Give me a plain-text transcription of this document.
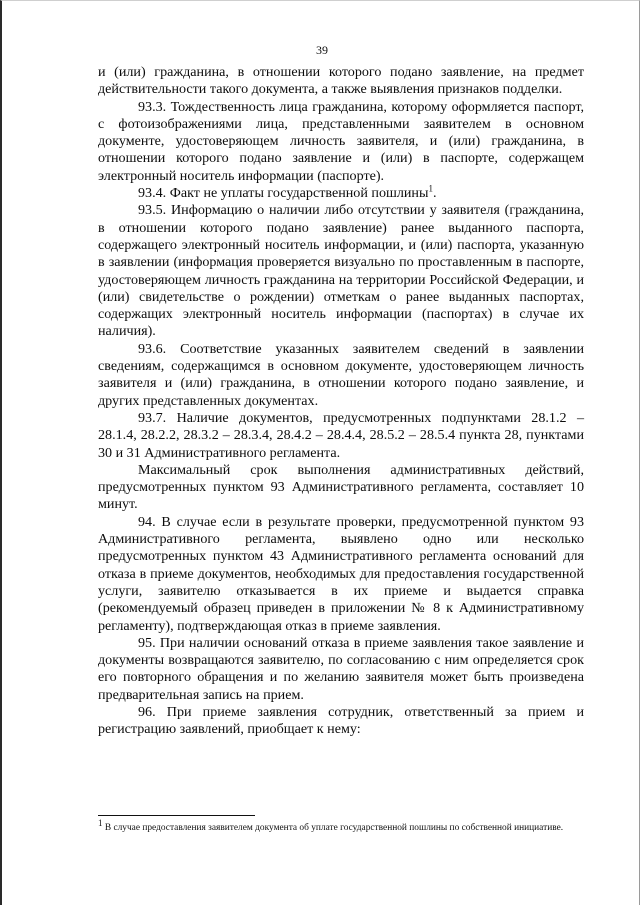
39

и (или) гражданина, в отношении которого подано заявление, на предмет действительности такого документа, а также выявления признаков подделки.

93.3. Тождественность лица гражданина, которому оформляется паспорт, с фотоизображениями лица, представленными заявителем в основном документе, удостоверяющем личность заявителя, и (или) гражданина, в отношении которого подано заявление и (или) в паспорте, содержащем электронный носитель информации (паспорте).

93.4. Факт не уплаты государственной пошлины$^1$.

93.5. Информацию о наличии либо отсутствии у заявителя (гражданина, в отношении которого подано заявление) ранее выданного паспорта, содержащего электронный носитель информации, и (или) паспорта, указанную в заявлении (информация проверяется визуально по проставленным в паспорте, удостоверяющем личность гражданина на территории Российской Федерации, и (или) свидетельстве о рождении) отметкам о ранее выданных паспортах, содержащих электронный носитель информации (паспортах) в случае их наличия).

93.6. Соответствие указанных заявителем сведений в заявлении сведениям, содержащимся в основном документе, удостоверяющем личность заявителя и (или) гражданина, в отношении которого подано заявление, и других представленных документах.

93.7. Наличие документов, предусмотренных подпунктами 28.1.2 – 28.1.4, 28.2.2, 28.3.2 – 28.3.4, 28.4.2 – 28.4.4, 28.5.2 – 28.5.4 пункта 28, пунктами 30 и 31 Административного регламента.

Максимальный срок выполнения административных действий, предусмотренных пунктом 93 Административного регламента, составляет 10 минут.

94. В случае если в результате проверки, предусмотренной пунктом 93 Административного регламента, выявлено одно или несколько предусмотренных пунктом 43 Административного регламента оснований для отказа в приеме документов, необходимых для предоставления государственной услуги, заявителю отказывается в их приеме и выдается справка (рекомендуемый образец приведен в приложении № 8 к Административному регламенту), подтверждающая отказ в приеме заявления.

95. При наличии оснований отказа в приеме заявления такое заявление и документы возвращаются заявителю, по согласованию с ним определяется срок его повторного обращения и по желанию заявителя может быть произведена предварительная запись на прием.

96. При приеме заявления сотрудник, ответственный за прием и регистрацию заявлений, приобщает к нему:

$^1$ В случае предоставления заявителем документа об уплате государственной пошлины по собственной инициативе.
